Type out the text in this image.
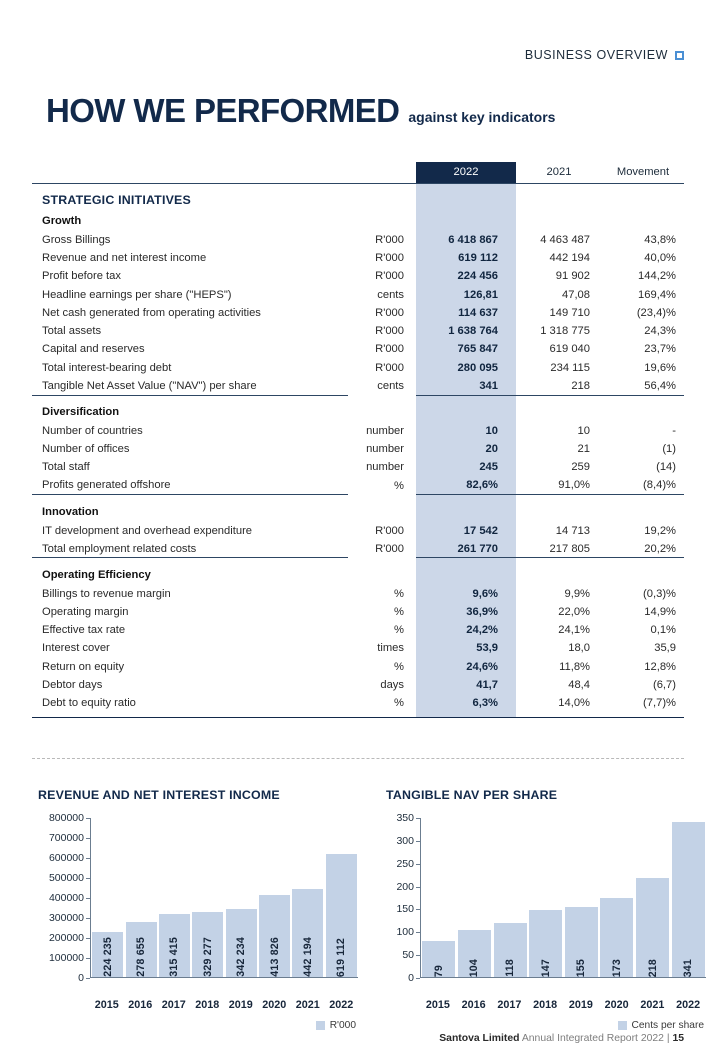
BUSINESS OVERVIEW
HOW WE PERFORMED against key indicators
		2022	2021	Movement

STRATEGIC INITIATIVES				
Growth				
Gross Billings	R'000	6 418 867	4 463 487	43,8%
Revenue and net interest income	R'000	619 112	442 194	40,0%
Profit before tax	R'000	224 456	91 902	144,2%
Headline earnings per share ("HEPS")	cents	126,81	47,08	169,4%
Net cash generated from operating activities	R'000	114 637	149 710	(23,4)%
Total assets	R'000	1 638 764	1 318 775	24,3%
Capital and reserves	R'000	765 847	619 040	23,7%
Total interest-bearing debt	R'000	280 095	234 115	19,6%
Tangible Net Asset Value ("NAV") per share	cents	341	218	56,4%

Diversification				
Number of countries	number	10	10	-
Number of offices	number	20	21	(1)
Total staff	number	245	259	(14)
Profits generated offshore	%	82,6%	91,0%	(8,4)%

Innovation				
IT development and overhead expenditure	R'000	17 542	14 713	19,2%
Total employment related costs	R'000	261 770	217 805	20,2%

Operating Efficiency				
Billings to revenue margin	%	9,6%	9,9%	(0,3)%
Operating margin	%	36,9%	22,0%	14,9%
Effective tax rate	%	24,2%	24,1%	0,1%
Interest cover	times	53,9	18,0	35,9
Return on equity	%	24,6%	11,8%	12,8%
Debtor days	days	41,7	48,4	(6,7)
Debt to equity ratio	%	6,3%	14,0%	(7,7)%

REVENUE AND NET INTEREST INCOME
0
100000
200000
300000
400000
500000
600000
700000
800000
224 235 278 655 315 415 329 277 342 234 413 826 442 194 619 112
2015 2016 2017 2018 2019 2020 2021 2022
R'000
TANGIBLE NAV PER SHARE
0
50
100
150
200
250
300
350
79 104 118 147 155 173 218 341
2015	2016	2017	2018	2019	2020	2021	2022
Cents per share
Santova Limited Annual Integrated Report 2022 | 15
